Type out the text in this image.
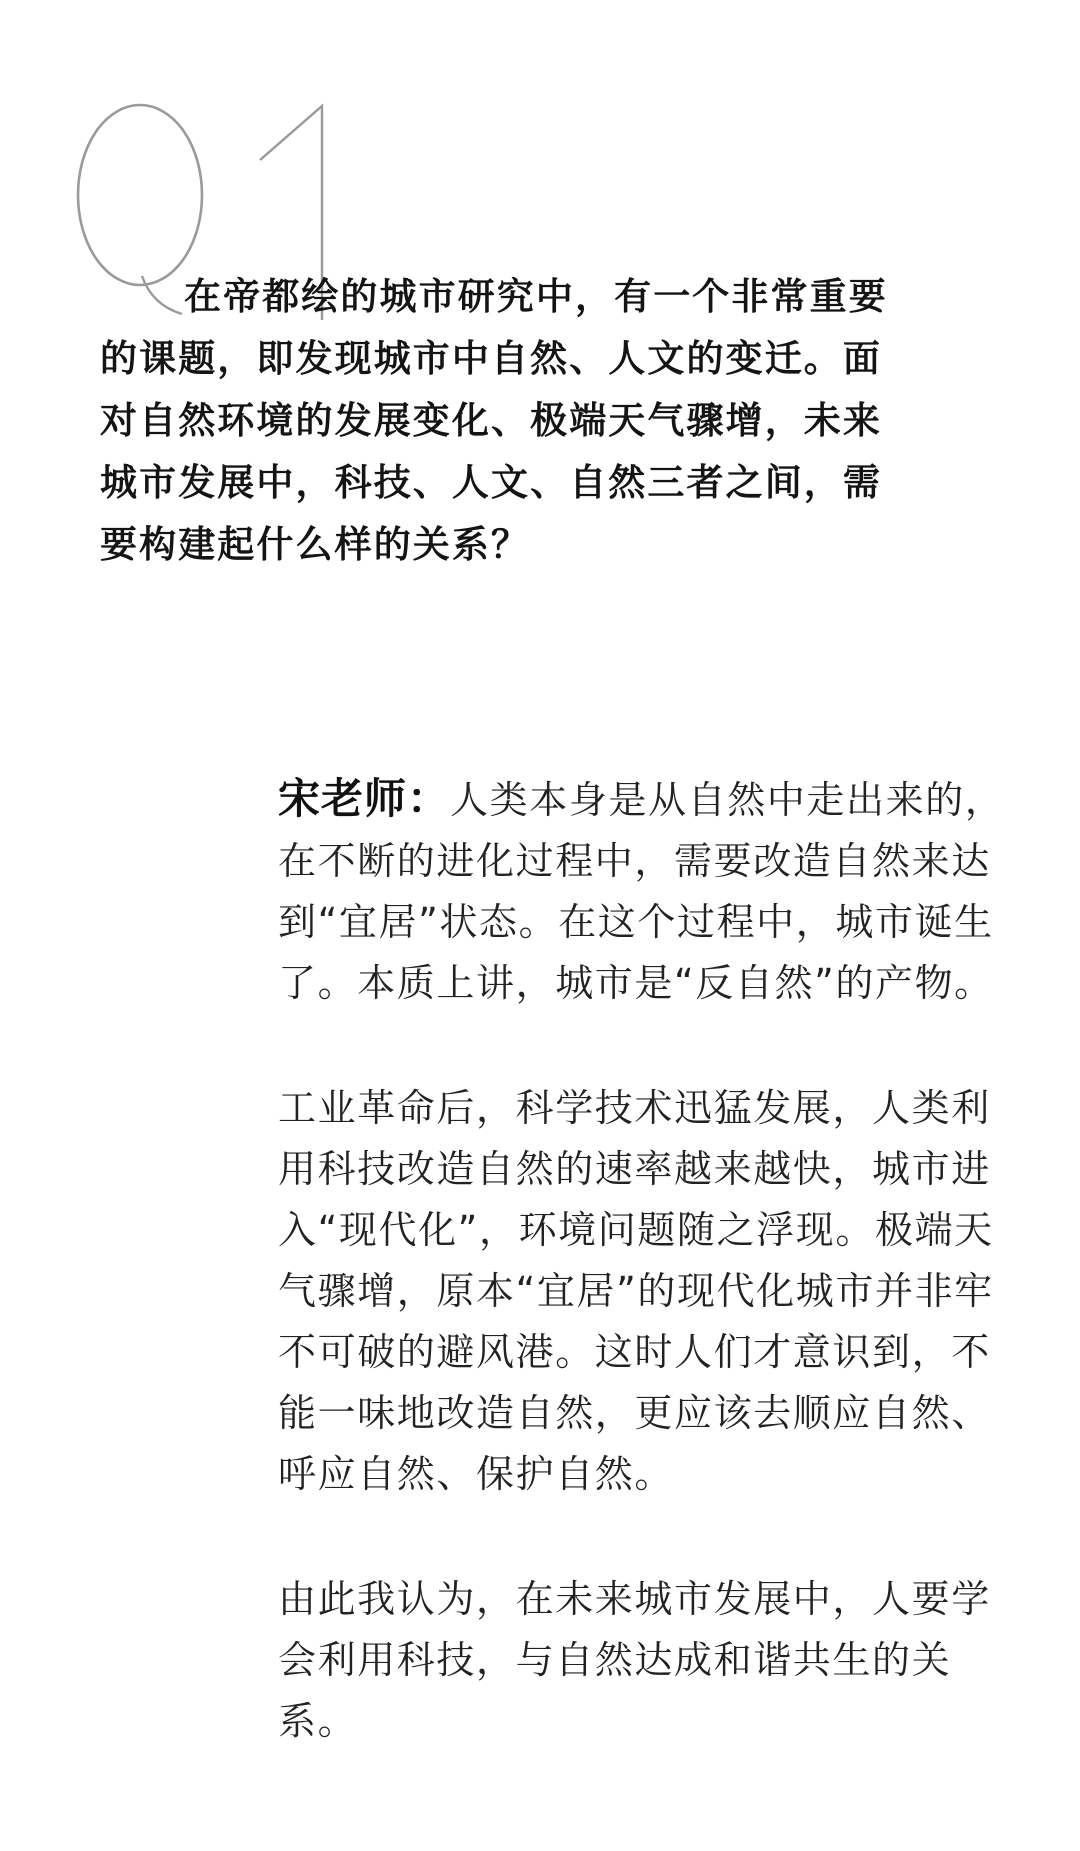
在帝都绘的城市研究中，有一个非常重要的课题，即发现城市中自然、人文的变迁。面对自然环境的发展变化、极端天气骤增，未来城市发展中，科技、人文、自然三者之间，需要构建起什么样的关系？

宋老师：人类本身是从自然中走出来的，在不断的进化过程中，需要改造自然来达到“宜居”状态。在这个过程中，城市诞生了。本质上讲，城市是“反自然”的产物。

工业革命后，科学技术迅猛发展，人类利用科技改造自然的速率越来越快，城市进入“现代化”，环境问题随之浮现。极端天气骤增，原本“宜居”的现代化城市并非牢不可破的避风港。这时人们才意识到，不能一味地改造自然，更应该去顺应自然、呼应自然、保护自然。

由此我认为，在未来城市发展中，人要学会利用科技，与自然达成和谐共生的关系。
